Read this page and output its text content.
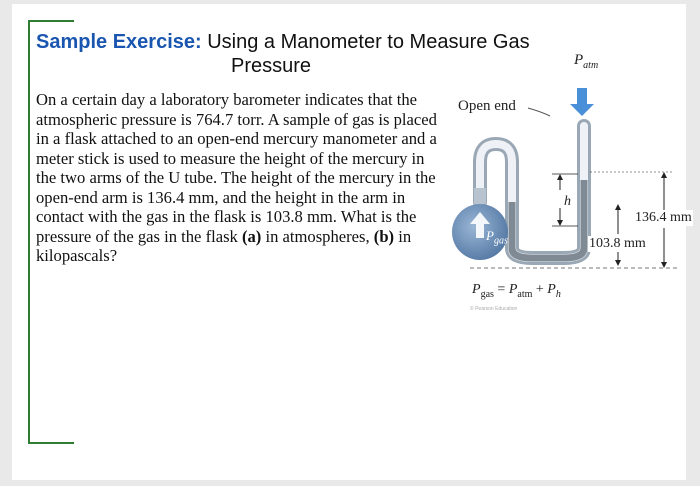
Sample Exercise: Using a Manometer to Measure Gas
Pressure
On a certain day a laboratory barometer indicates that the atmospheric pressure is 764.7 torr. A sample of gas is placed in a flask attached to an open-end mercury manometer and a meter stick is used to measure the height of the mercury in the two arms of the U tube. The height of the mercury in the open-end arm is 136.4 mm, and the height in the arm in contact with the gas in the flask is 103.8 mm. What is the pressure of the gas in the flask (a) in atmospheres, (b) in kilopascals?
$P_{atm}$
Open end
h
136.4 mm
103.8 mm
$P_{gas}$
$P_{gas} = P_{atm} + P_h$
© Pearson Education
